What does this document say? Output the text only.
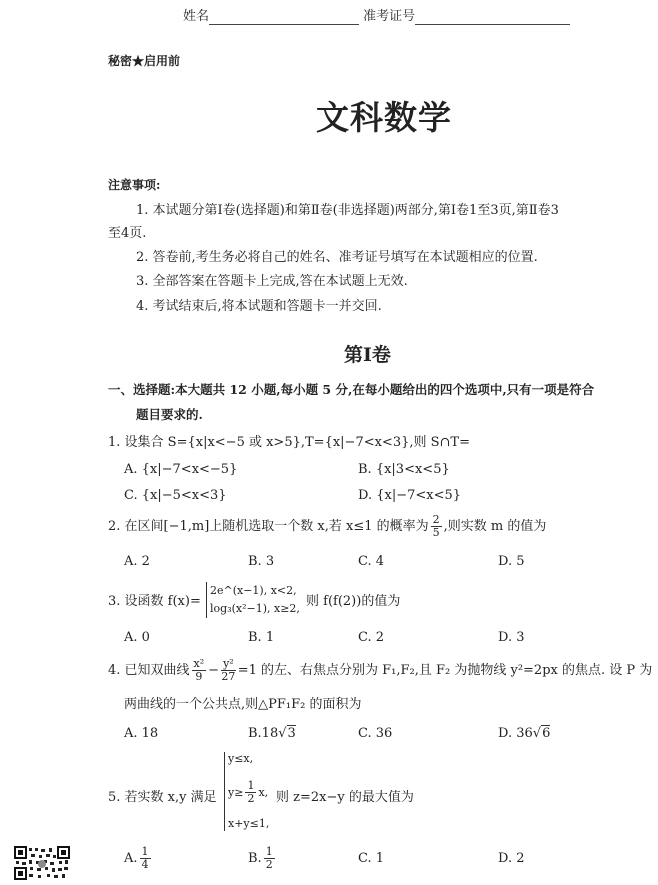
姓名	准考证号
秘密★启用前
文科数学
注意事项:
1. 本试题分第Ⅰ卷(选择题)和第Ⅱ卷(非选择题)两部分,第Ⅰ卷1至3页,第Ⅱ卷3
至4页.
2. 答卷前,考生务必将自己的姓名、准考证号填写在本试题相应的位置.
3. 全部答案在答题卡上完成,答在本试题上无效.
4. 考试结束后,将本试题和答题卡一并交回.
第Ⅰ卷
一、选择题:本大题共 12 小题,每小题 5 分,在每小题给出的四个选项中,只有一项是符合
题目要求的.
1. 设集合 S={x|x<−5 或 x>5},T={x|−7<x<3},则 S∩T=
A. {x|−7<x<−5}	B. {x|3<x<5}
C. {x|−5<x<3}	D. {x|−7<x<5}
2. 在区间[−1,m]上随机选取一个数 x,若 x≤1 的概率为 $\frac{2}{5}$ ,则实数 m 的值为
A. 2	B. 3	C. 4	D. 5
3. 设函数 f(x)=
2e^(x−1), x<2,
log₃(x²−1), x≥2, 则 f(f(2))的值为
A. 0	B. 1	C. 2	D. 3
4. 已知双曲线 $\frac{\text{x²}}{9} - \frac{\text{y²}}{27} =1$ 的左、右焦点分别为 F₁,F₂,且 F₂ 为抛物线 y²=2px 的焦点. 设 P 为
两曲线的一个公共点,则△PF₁F₂ 的面积为
A. 18	B.18√3	C. 36	D. 36√6
5. 若实数 x,y 满足
y≤x,
$y\ge \frac{1}{2} x$,
x+y≤1,
则 z=2x−y 的最大值为
A. $\frac{1}{4}$	B. $\frac{1}{2}$	C. 1	D. 2
